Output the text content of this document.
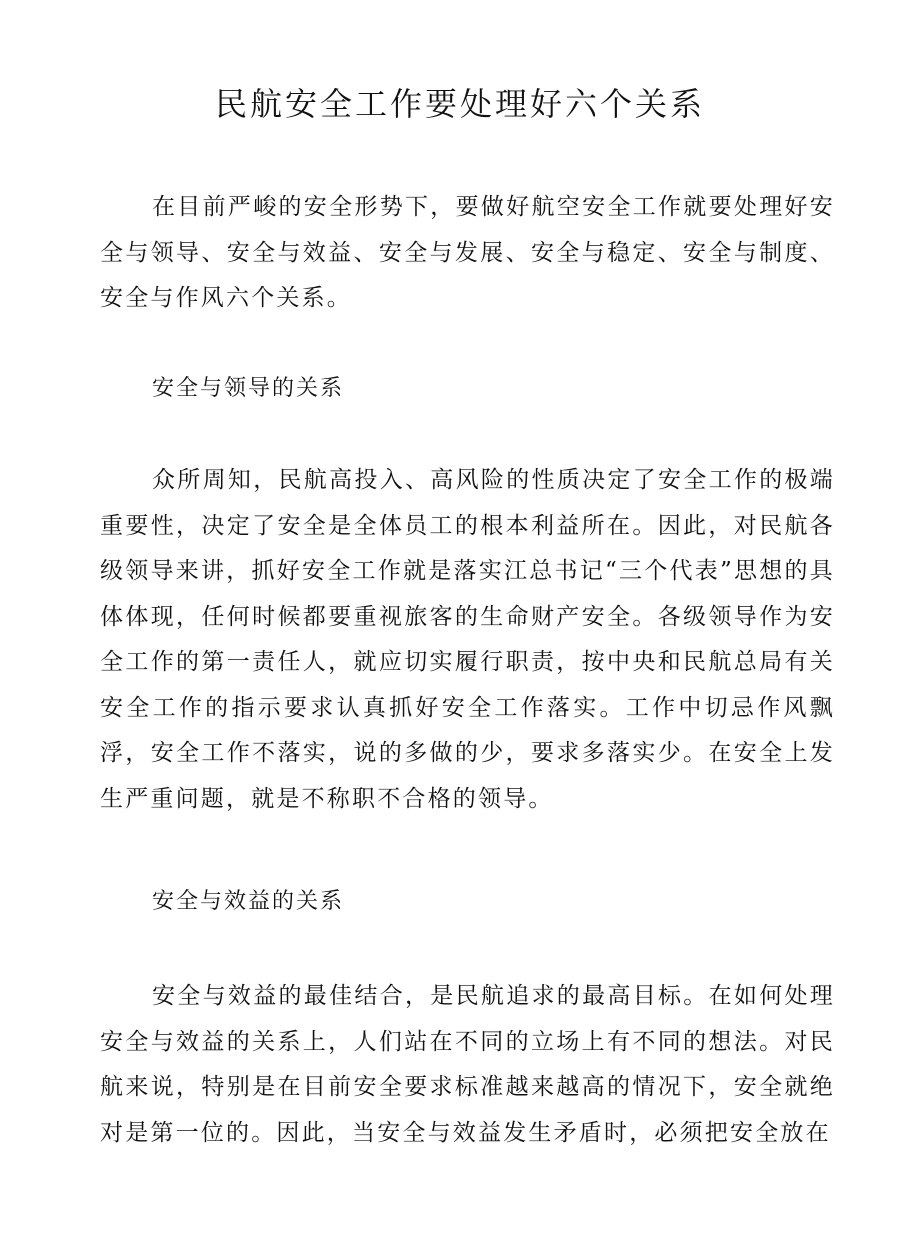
民航安全工作要处理好六个关系

在目前严峻的安全形势下，要做好航空安全工作就要处理好安全与领导、安全与效益、安全与发展、安全与稳定、安全与制度、安全与作风六个关系。

安全与领导的关系

众所周知，民航高投入、高风险的性质决定了安全工作的极端重要性，决定了安全是全体员工的根本利益所在。因此，对民航各级领导来讲，抓好安全工作就是落实江总书记“三个代表”思想的具体体现，任何时候都要重视旅客的生命财产安全。各级领导作为安全工作的第一责任人，就应切实履行职责，按中央和民航总局有关安全工作的指示要求认真抓好安全工作落实。工作中切忌作风飘浮，安全工作不落实，说的多做的少，要求多落实少。在安全上发生严重问题，就是不称职不合格的领导。

安全与效益的关系

安全与效益的最佳结合，是民航追求的最高目标。在如何处理安全与效益的关系上，人们站在不同的立场上有不同的想法。对民航来说，特别是在目前安全要求标准越来越高的情况下，安全就绝对是第一位的。因此，当安全与效益发生矛盾时，必须把安全放在
